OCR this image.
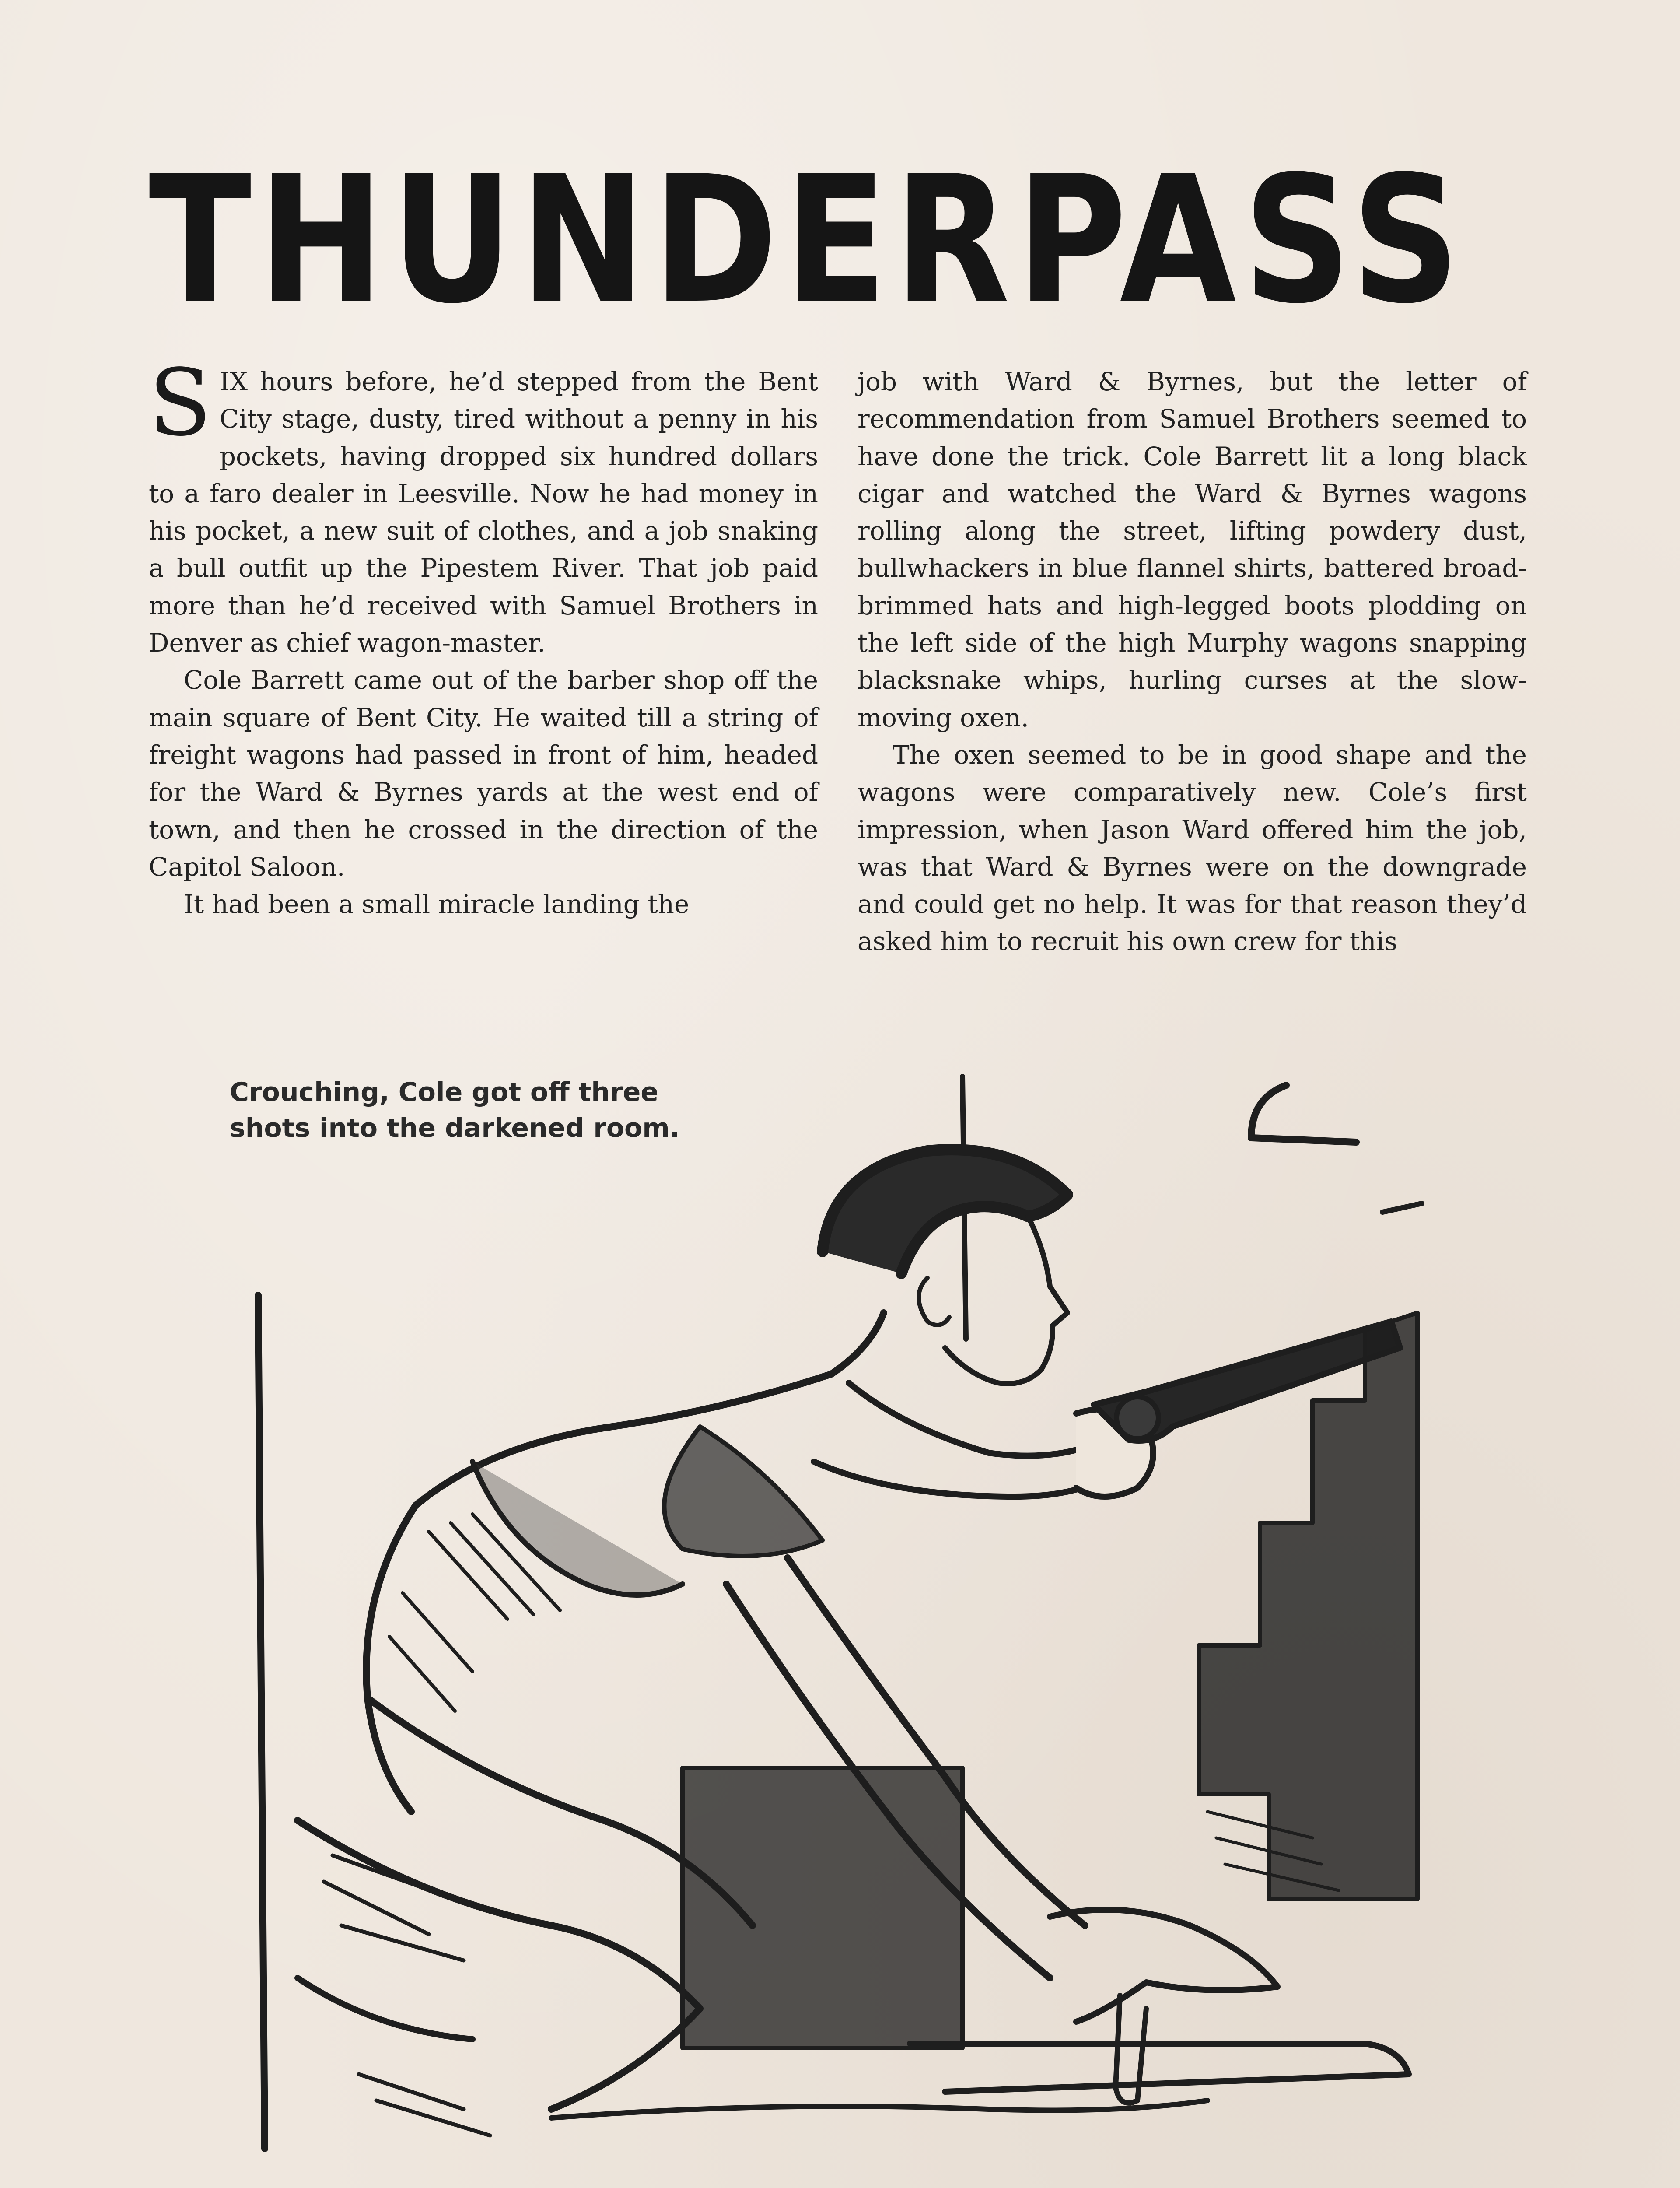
THUNDER PASS

SIX hours before, he’d stepped from the Bent City stage, dusty, tired without a penny in his pockets, having dropped six hundred dollars to a faro dealer in Leesville. Now he had money in his pocket, a new suit of clothes, and a job snaking a bull outfit up the Pipestem River. That job paid more than he’d received with Samuel Brothers in Denver as chief wagon-master.

Cole Barrett came out of the barber shop off the main square of Bent City. He waited till a string of freight wagons had passed in front of him, headed for the Ward & Byrnes yards at the west end of town, and then he crossed in the direction of the Capitol Saloon.

It had been a small miracle landing the

job with Ward & Byrnes, but the letter of recommendation from Samuel Brothers seemed to have done the trick. Cole Barrett lit a long black cigar and watched the Ward & Byrnes wagons rolling along the street, lifting powdery dust, bullwhackers in blue flannel shirts, battered broad-brimmed hats and high-legged boots plodding on the left side of the high Murphy wagons snapping blacksnake whips, hurling curses at the slow-moving oxen.

The oxen seemed to be in good shape and the wagons were comparatively new. Cole’s first impression, when Jason Ward offered him the job, was that Ward & Byrnes were on the downgrade and could get no help. It was for that reason they’d asked him to recruit his own crew for this

Crouching, Cole got off three shots into the darkened room.
